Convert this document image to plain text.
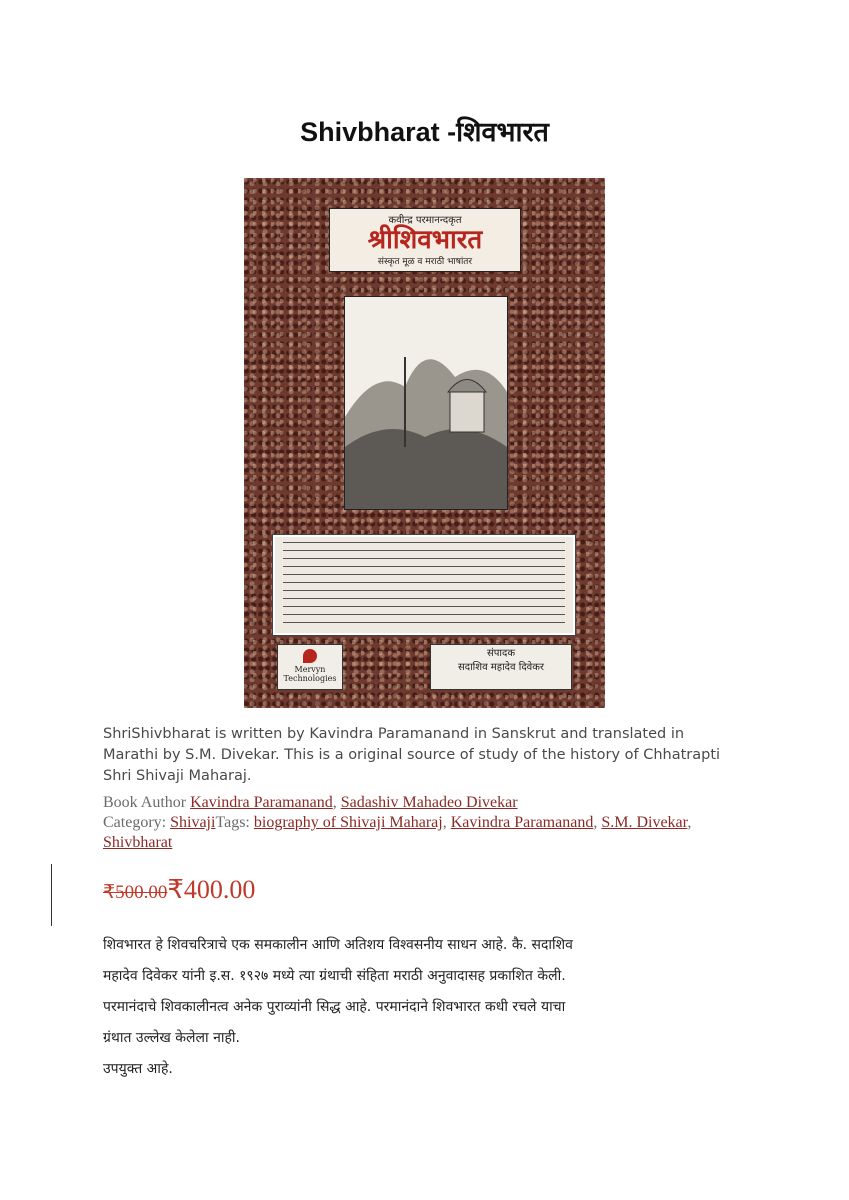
Shivbharat -शिवभारत
कवीन्द्र परमानन्दकृत
श्रीशिवभारत
संस्कृत मूळ व मराठी भाषांतर
Mervyn Technologies
संपादक
सदाशिव महादेव दिवेकर
ShriShivbharat is written by Kavindra Paramanand in Sanskrut and translated in Marathi by S.M. Divekar. This is a original source of study of the history of Chhatrapti Shri Shivaji Maharaj.
Book Author Kavindra Paramanand, Sadashiv Mahadeo Divekar
Category: ShivajiTags: biography of Shivaji Maharaj, Kavindra Paramanand, S.M. Divekar, Shivbharat
₹500.00₹400.00
शिवभारत हे शिवचरित्राचे एक समकालीन आणि अतिशय विश्वसनीय साधन आहे. कै. सदाशिव
महादेव दिवेकर यांनी इ.स. १९२७ मध्ये त्या ग्रंथाची संहिता मराठी अनुवादासह प्रकाशित केली.
परमानंदाचे शिवकालीनत्व अनेक पुराव्यांनी सिद्ध आहे. परमानंदाने शिवभारत कधी रचले याचा
ग्रंथात उल्लेख केलेला नाही.
उपयुक्त आहे.
